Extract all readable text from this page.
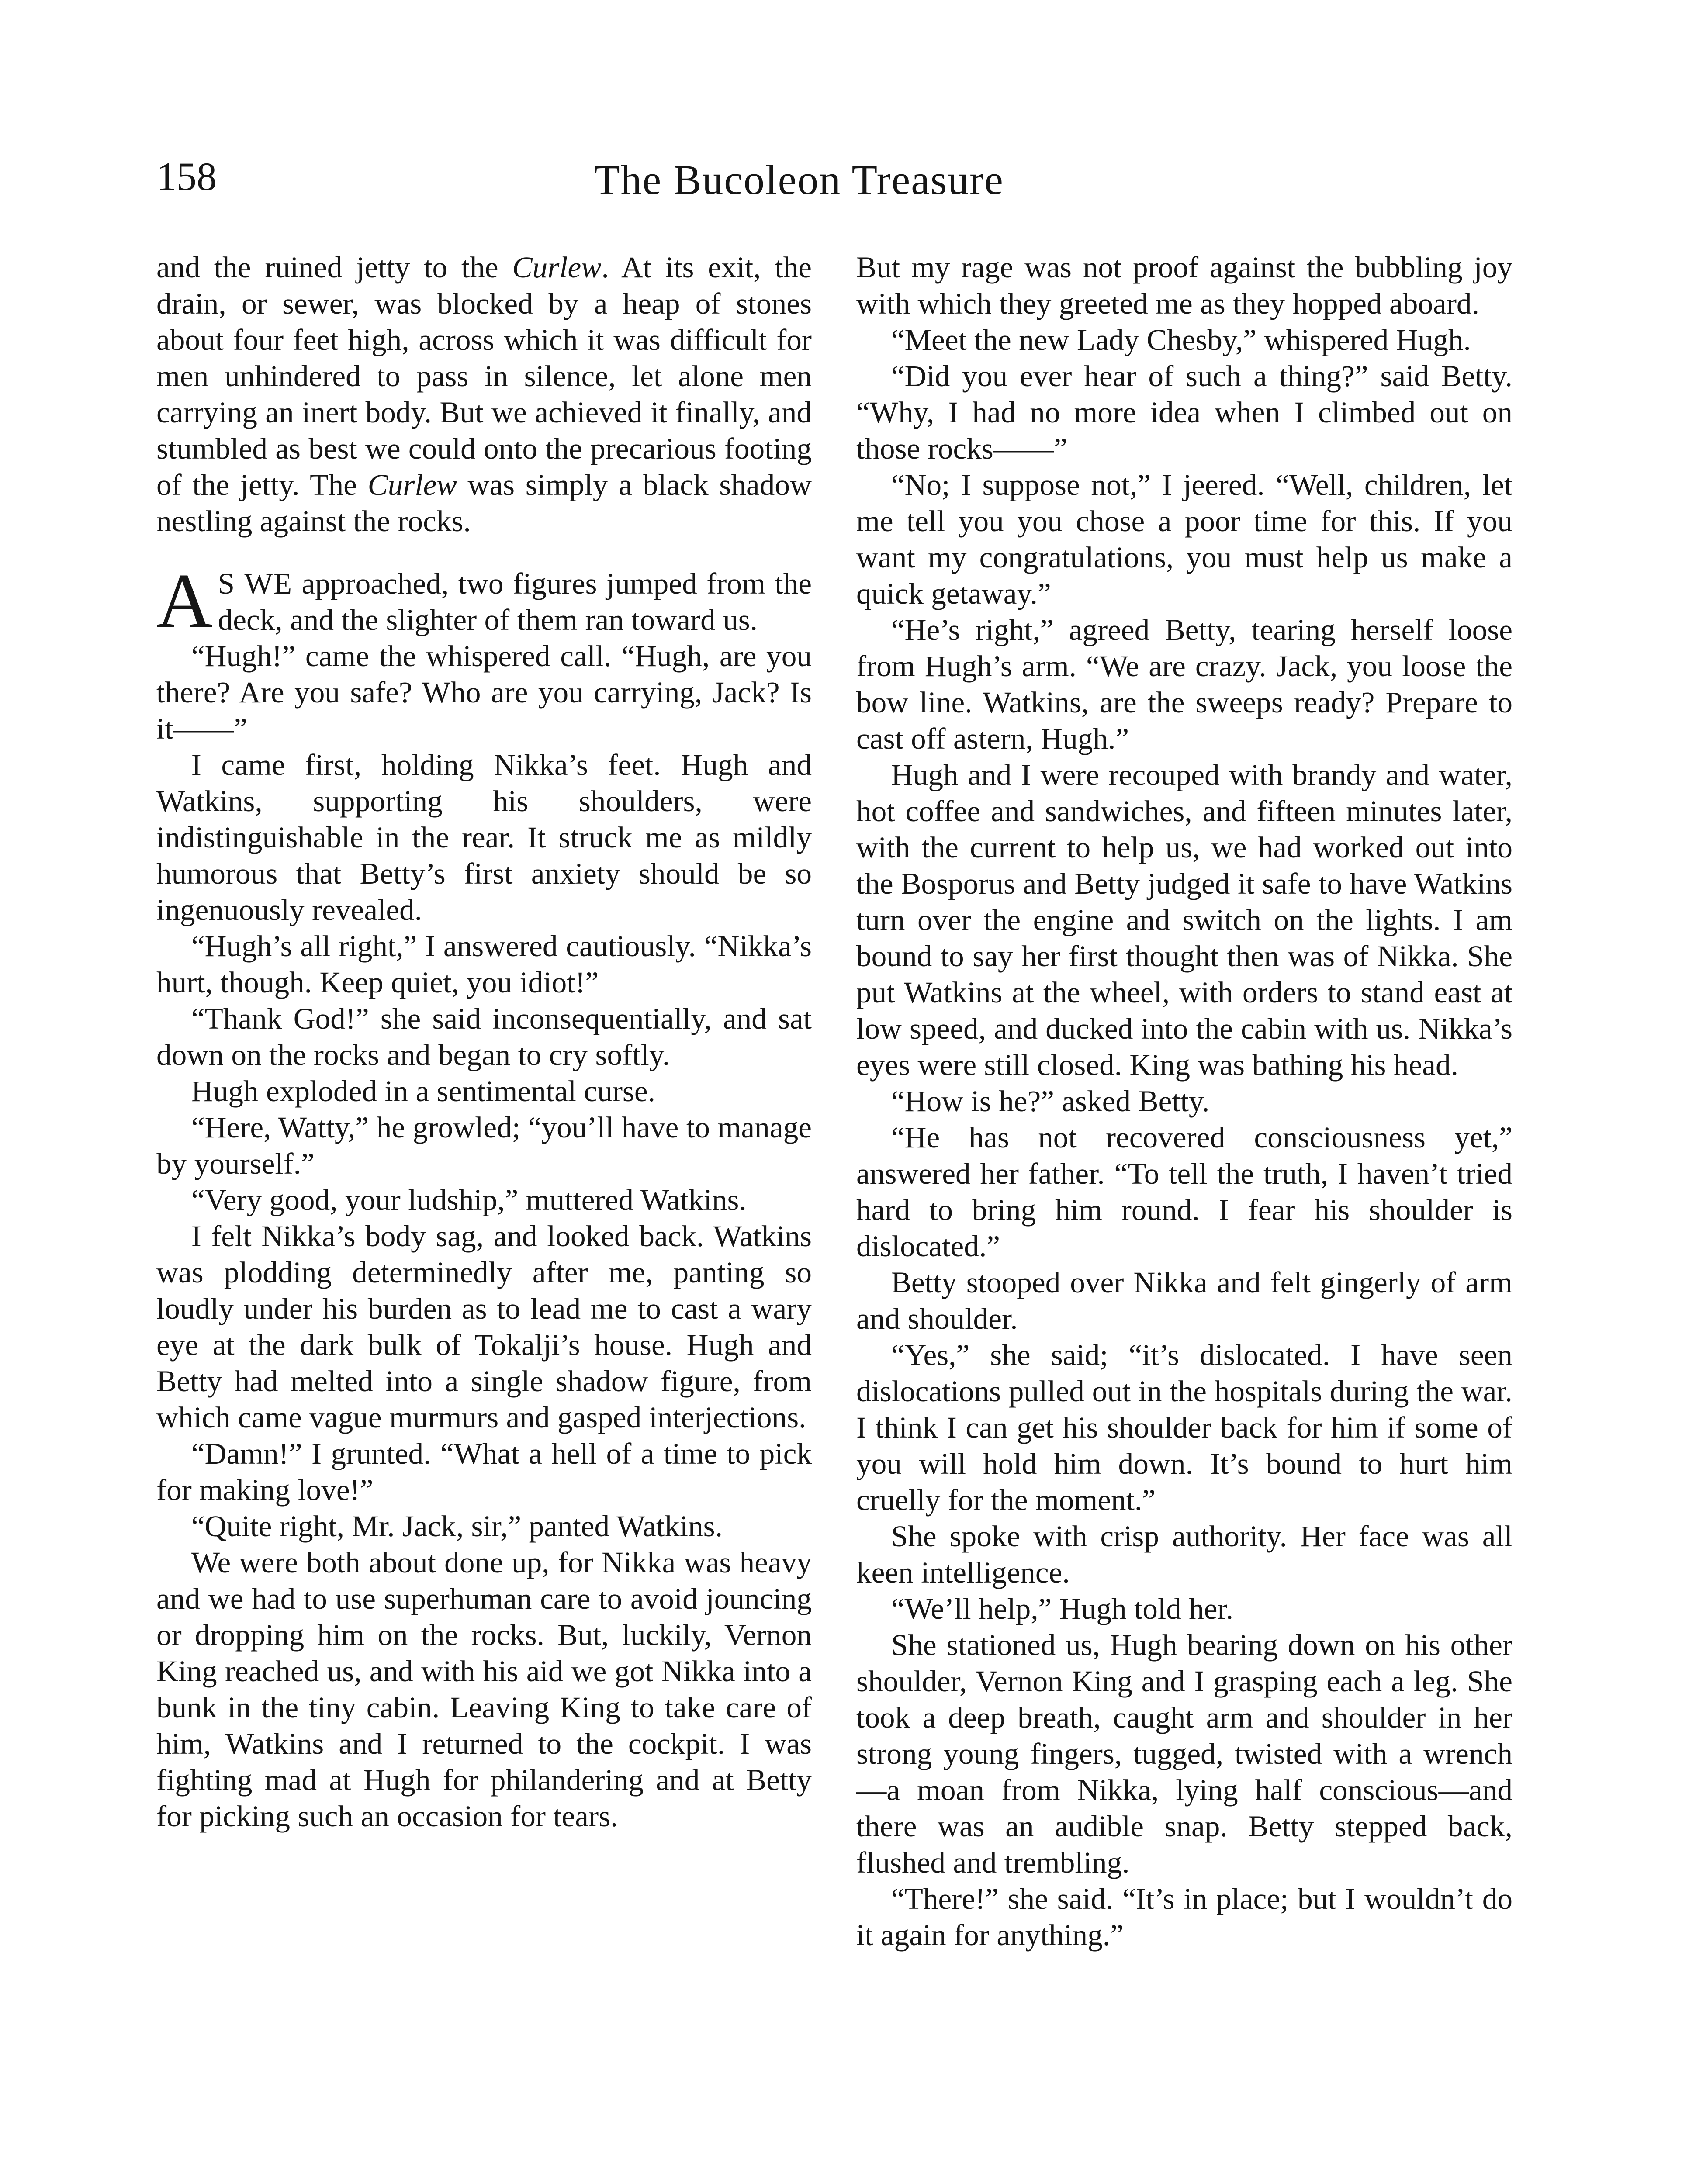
158	The Bucoleon Treasure

and the ruined jetty to the Curlew. At its exit, the drain, or sewer, was blocked by a heap of stones about four feet high, across which it was difficult for men unhindered to pass in silence, let alone men carrying an inert body. But we achieved it finally, and stumbled as best we could onto the precarious footing of the jetty. The Curlew was simply a black shadow nestling against the rocks.

A S WE approached, two figures jumped from the deck, and the slighter of them ran toward us.

“Hugh!” came the whispered call. “Hugh, are you there? Are you safe? Who are you carrying, Jack? Is it——”

I came first, holding Nikka’s feet. Hugh and Watkins, supporting his shoulders, were indistinguishable in the rear. It struck me as mildly humorous that Betty’s first anxiety should be so ingenuously revealed.

“Hugh’s all right,” I answered cautiously. “Nikka’s hurt, though. Keep quiet, you idiot!”

“Thank God!” she said inconsequentially, and sat down on the rocks and began to cry softly.

Hugh exploded in a sentimental curse.

“Here, Watty,” he growled; “you’ll have to manage by yourself.”

“Very good, your ludship,” muttered Watkins.

I felt Nikka’s body sag, and looked back. Watkins was plodding determinedly after me, panting so loudly under his burden as to lead me to cast a wary eye at the dark bulk of Tokalji’s house. Hugh and Betty had melted into a single shadow figure, from which came vague murmurs and gasped interjections.

“Damn!” I grunted. “What a hell of a time to pick for making love!”

“Quite right, Mr. Jack, sir,” panted Watkins.

We were both about done up, for Nikka was heavy and we had to use superhuman care to avoid jouncing or dropping him on the rocks. But, luckily, Vernon King reached us, and with his aid we got Nikka into a bunk in the tiny cabin. Leaving King to take care of him, Watkins and I returned to the cockpit. I was fighting mad at Hugh for philandering and at Betty for picking such an occasion for tears.

But my rage was not proof against the bubbling joy with which they greeted me as they hopped aboard.

“Meet the new Lady Chesby,” whispered Hugh.

“Did you ever hear of such a thing?” said Betty. “Why, I had no more idea when I climbed out on those rocks——”

“No; I suppose not,” I jeered. “Well, children, let me tell you you chose a poor time for this. If you want my congratulations, you must help us make a quick getaway.”

“He’s right,” agreed Betty, tearing herself loose from Hugh’s arm. “We are crazy. Jack, you loose the bow line. Watkins, are the sweeps ready? Prepare to cast off astern, Hugh.”

Hugh and I were recouped with brandy and water, hot coffee and sandwiches, and fifteen minutes later, with the current to help us, we had worked out into the Bosporus and Betty judged it safe to have Watkins turn over the engine and switch on the lights. I am bound to say her first thought then was of Nikka. She put Watkins at the wheel, with orders to stand east at low speed, and ducked into the cabin with us. Nikka’s eyes were still closed. King was bathing his head.

“How is he?” asked Betty.

“He has not recovered consciousness yet,” answered her father. “To tell the truth, I haven’t tried hard to bring him round. I fear his shoulder is dislocated.”

Betty stooped over Nikka and felt gingerly of arm and shoulder.

“Yes,” she said; “it’s dislocated. I have seen dislocations pulled out in the hospitals during the war. I think I can get his shoulder back for him if some of you will hold him down. It’s bound to hurt him cruelly for the moment.”

She spoke with crisp authority. Her face was all keen intelligence.

“We’ll help,” Hugh told her.

She stationed us, Hugh bearing down on his other shoulder, Vernon King and I grasping each a leg. She took a deep breath, caught arm and shoulder in her strong young fingers, tugged, twisted with a wrench—a moan from Nikka, lying half conscious—and there was an audible snap. Betty stepped back, flushed and trembling.

“There!” she said. “It’s in place; but I wouldn’t do it again for anything.”
